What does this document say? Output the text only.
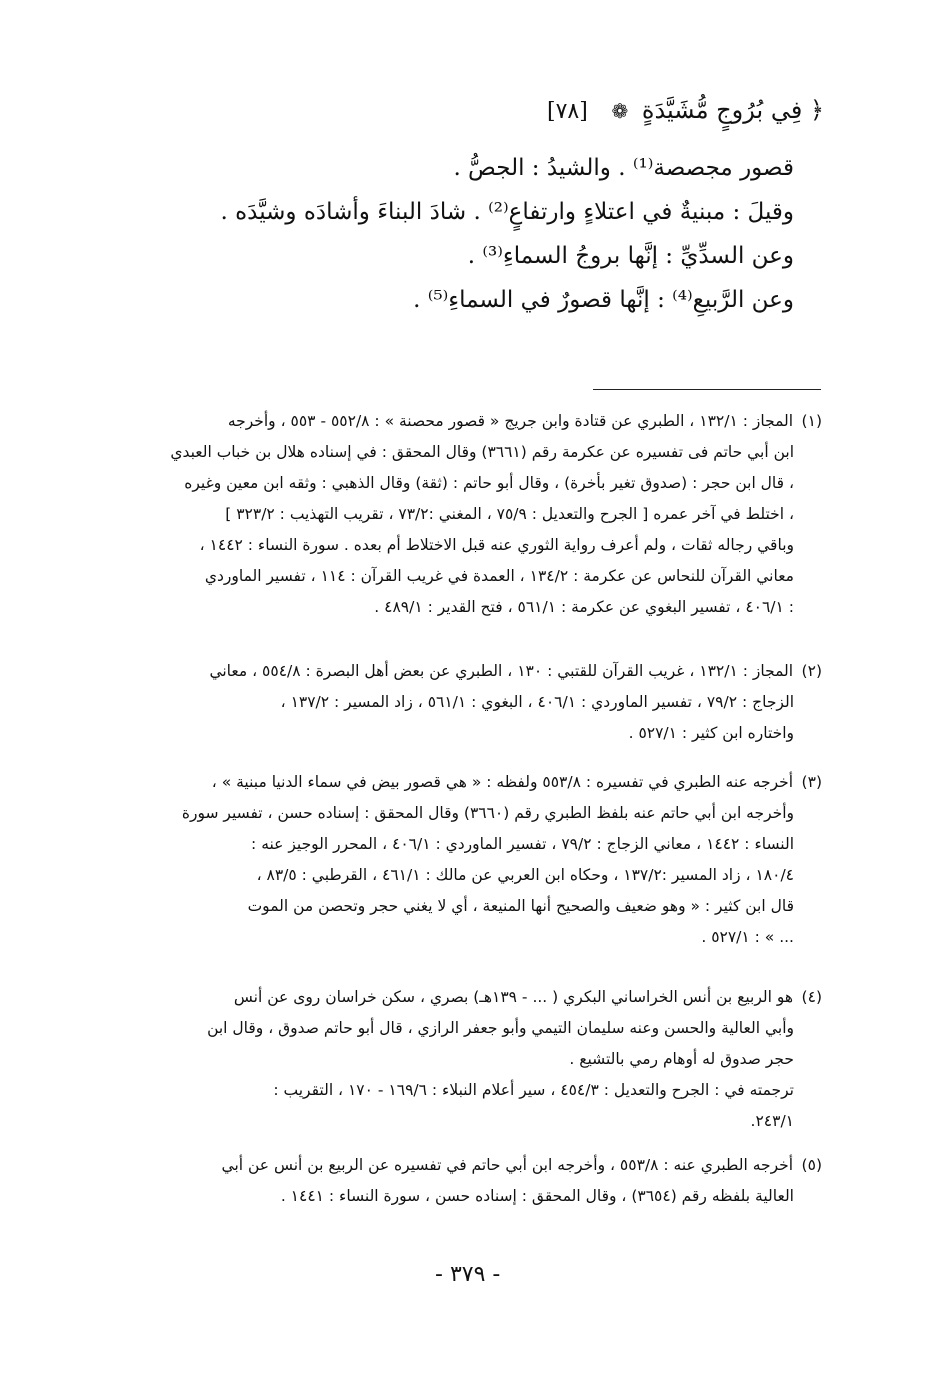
﴿ فِي بُرُوجٍ مُّشَيَّدَةٍ ❁ [٧٨]

قصور مجصصة⁽¹⁾ . والشيدُ : الجصُّ .

وقيلَ : مبنيةٌ في اعتلاءٍ وارتفاعٍ⁽²⁾ . شادَ البناءَ وأشادَه وشيَّدَه .

وعن السدِّيِّ : إنَّها بروجُ السماءِ⁽³⁾ .

وعن الرَّبيعِ⁽⁴⁾ : إنَّها قصورٌ في السماءِ⁽⁵⁾ .

(١) المجاز : ١٣٢/١ ، الطبري عن قتادة وابن جريج « قصور محصنة » : ٥٥٢/٨ - ٥٥٣ ، وأخرجه

ابن أبي حاتم فى تفسيره عن عكرمة رقم (٣٦٦١) وقال المحقق : في إسناده هلال بن خباب العبدي

، قال ابن حجر : (صدوق تغير بأخرة) ، وقال أبو حاتم : (ثقة) وقال الذهبي : وثقه ابن معين وغيره

، اختلط في آخر عمره [ الجرح والتعديل : ٧٥/٩ ، المغني :٧٣/٢ ، تقريب التهذيب : ٣٢٣/٢ ]

وباقي رجاله ثقات ، ولم أعرف رواية الثوري عنه قبل الاختلاط أم بعده . سورة النساء : ١٤٤٢ ،

معاني القرآن للنحاس عن عكرمة : ١٣٤/٢ ، العمدة في غريب القرآن : ١١٤ ، تفسير الماوردي

: ٤٠٦/١ ، تفسير البغوي عن عكرمة : ٥٦١/١ ، فتح القدير : ٤٨٩/١ .

(٢) المجاز : ١٣٢/١ ، غريب القرآن للقتبي : ١٣٠ ، الطبري عن بعض أهل البصرة : ٥٥٤/٨ ، معاني

الزجاج : ٧٩/٢ ، تفسير الماوردي : ٤٠٦/١ ، البغوي : ٥٦١/١ ، زاد المسير : ١٣٧/٢ ،

واختاره ابن كثير : ٥٢٧/١ .

(٣) أخرجه عنه الطبري في تفسيره : ٥٥٣/٨ ولفظه : « هي قصور بيض في سماء الدنيا مبنية » ،

وأخرجه ابن أبي حاتم عنه بلفظ الطبري رقم (٣٦٦٠) وقال المحقق : إسناده حسن ، تفسير سورة

النساء : ١٤٤٢ ، معاني الزجاج : ٧٩/٢ ، تفسير الماوردي : ٤٠٦/١ ، المحرر الوجيز عنه :

١٨٠/٤ ، زاد المسير :١٣٧/٢ ، وحكاه ابن العربي عن مالك : ٤٦١/١ ، القرطبي : ٨٣/٥ ،

قال ابن كثير : « وهو ضعيف والصحيح أنها المنيعة ، أي لا يغني حجر وتحصن من الموت

... » : ٥٢٧/١ .

(٤) هو الربيع بن أنس الخراساني البكري ( ... - ١٣٩هـ) بصري ، سكن خراسان روى عن أنس

وأبي العالية والحسن وعنه سليمان التيمي وأبو جعفر الرازي ، قال أبو حاتم صدوق ، وقال ابن

حجر صدوق له أوهام رمي بالتشيع .

ترجمته في : الجرح والتعديل : ٤٥٤/٣ ، سير أعلام النبلاء : ١٦٩/٦ - ١٧٠ ، التقريب :

٢٤٣/١.

(٥) أخرجه الطبري عنه : ٥٥٣/٨ ، وأخرجه ابن أبي حاتم في تفسيره عن الربيع بن أنس عن أبي

العالية بلفظه رقم (٣٦٥٤) ، وقال المحقق : إسناده حسن ، سورة النساء : ١٤٤١ .

- ٣٧٩ -
